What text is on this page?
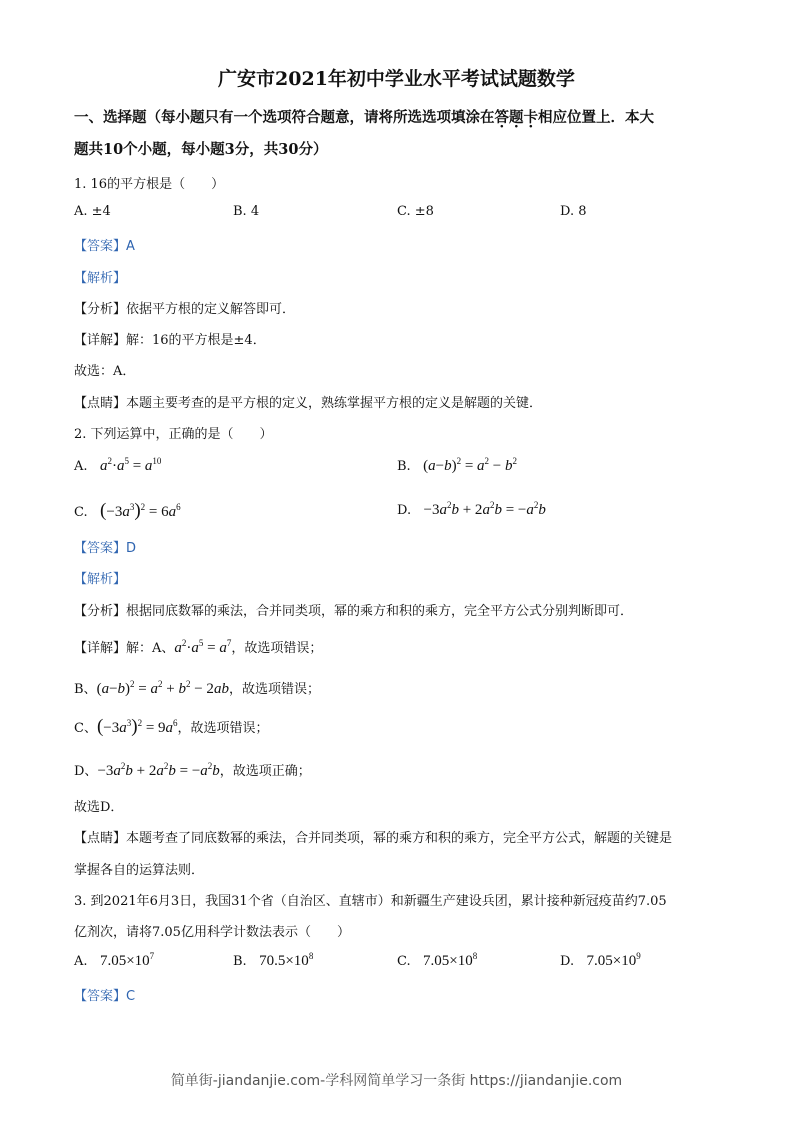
广安市2021年初中学业水平考试试题数学
一、选择题（每小题只有一个选项符合题意，请将所选选项填涂在答题卡相应位置上．本大
题共10个小题，每小题3分，共30分）
1. 16的平方根是（　　）
A. ±4	B. 4	C. ±8	D. 8
【答案】A
【解析】
【分析】依据平方根的定义解答即可．
【详解】解：16的平方根是±4．
故选：A．
【点睛】本题主要考查的是平方根的定义，熟练掌握平方根的定义是解题的关键．
2. 下列运算中，正确的是（　　）
A. $a^2\cdot a^5 = a^{10}$	B. $(a-b)^2 = a^2 - b^2$
C. $(-3a^3)^2 = 6a^6$	D. $-3a^2b + 2a^2b = -a^2b$
【答案】D
【解析】
【分析】根据同底数幂的乘法，合并同类项，幂的乘方和积的乘方，完全平方公式分别判断即可．
【详解】解：A、$a^2\cdot a^5 = a^7$，故选项错误；
B、$(a-b)^2 = a^2 + b^2 - 2ab$，故选项错误；
C、$(-3a^3)^2 = 9a^6$，故选项错误；
D、$-3a^2b + 2a^2b = -a^2b$，故选项正确；
故选D．
【点睛】本题考查了同底数幂的乘法，合并同类项，幂的乘方和积的乘方，完全平方公式，解题的关键是
掌握各自的运算法则．
3. 到2021年6月3日，我国31个省（自治区、直辖市）和新疆生产建设兵团，累计接种新冠疫苗约7.05
亿剂次，请将7.05亿用科学计数法表示（　　）
A. $7.05\times 10^7$	B. $70.5\times 10^8$	C. $7.05\times 10^8$	D. $7.05\times 10^9$
【答案】C
简单街-jiandanjie.com-学科网简单学习一条街 https://jiandanjie.com
